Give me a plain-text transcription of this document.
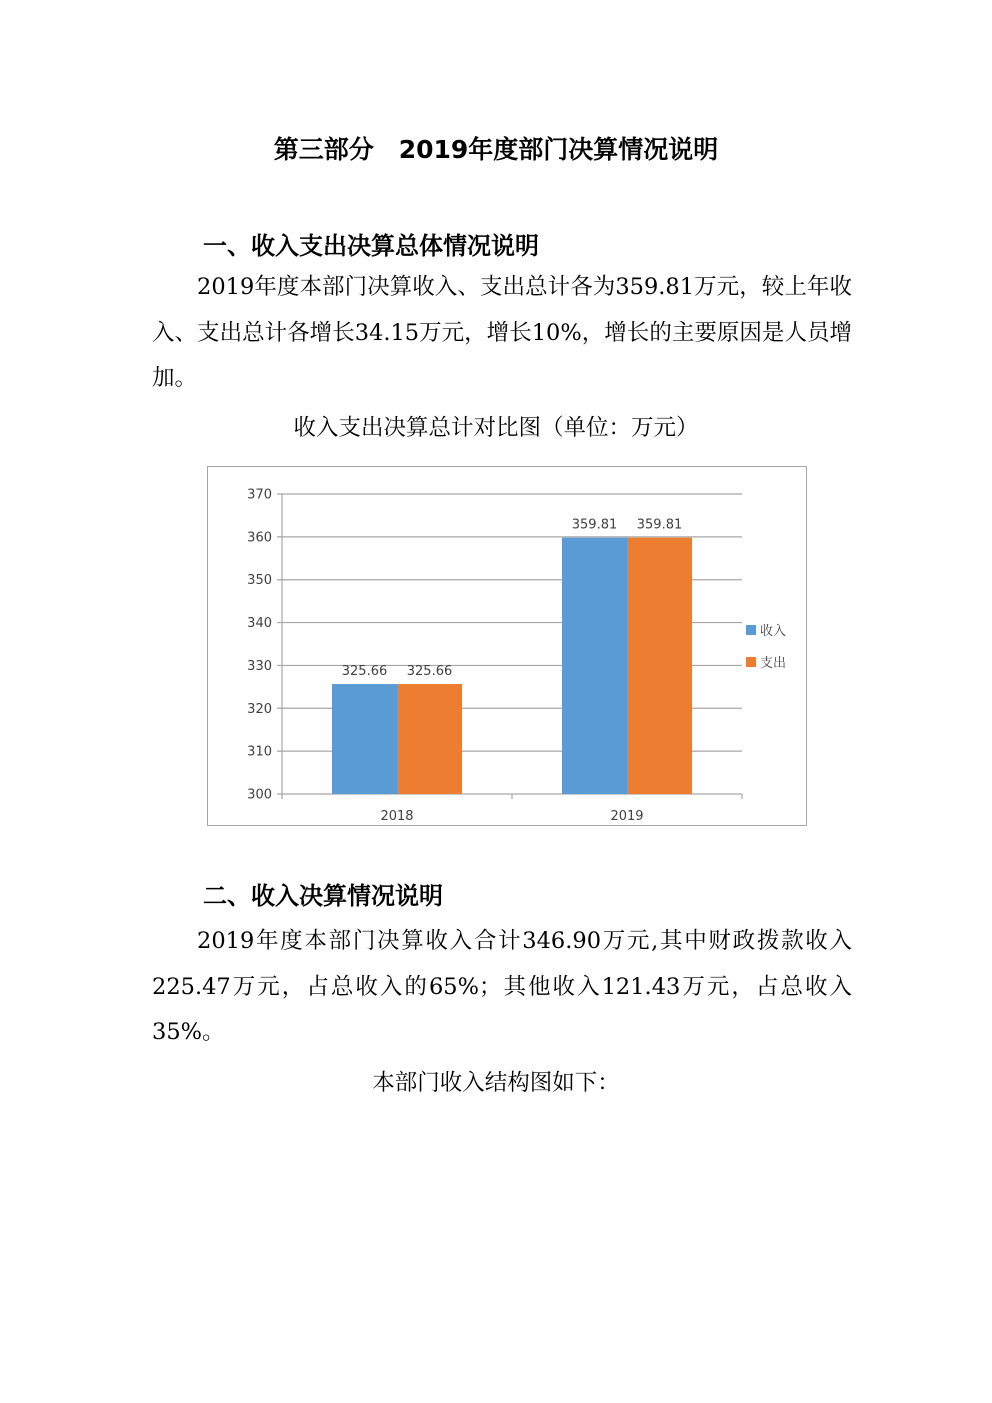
第三部分　2019年度部门决算情况说明
一、收入支出决算总体情况说明
2019年度本部门决算收入、支出总计各为359.81万元，较上年收入、支出总计各增长34.15万元，增长10%，增长的主要原因是人员增加。
收入支出决算总计对比图（单位：万元）
300
310
320
330
340
350
360
370
325.66 325.66
2018
359.81 359.81
2019
收入
支出
二、收入决算情况说明
2019年度本部门决算收入合计346.90万元,其中财政拨款收入225.47万元，占总收入的65%；其他收入121.43万元，占总收入35%。
本部门收入结构图如下：
